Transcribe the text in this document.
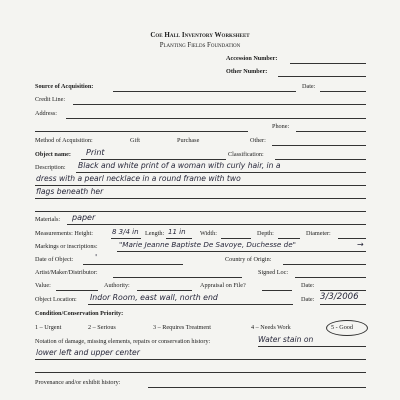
Coe Hall Inventory Worksheet
Planting Fields Foundation
Accession Number:
Other Number:
Source of Acquisition:	Date:
Credit Line:
Address:
Phone:
Method of Acquisition:	Gift	Purchase	Other:
Object name: Print	Classification:
Description: Black and white print of a woman with curly hair, in a
dress with a pearl necklace in a round frame with two
flags beneath her
Materials: paper
Measurements: Height:	8 3/4 in Length: 11 in Width:	Depth:	Diameter:
Markings or inscriptions:	"Marie Jeanne Baptiste De Savoye, Duchesse de"
Date of Object:	'	Country of Origin:
Artist/Maker/Distributor:	Signed Loc:
Value:	Authority:	Appraisal on File?	Date:
Object Location: Indor Room, east wall, north end	Date: 3/3/2006
Condition/Conservation Priority:
1 – Urgent	2 – Serious	3 – Requires Treatment	4 – Needs Work	5 - Good
Notation of damage, missing elements, repairs or conservation history:	Water stain on
lower left and upper center
Provenance and/or exhibit history:
→
